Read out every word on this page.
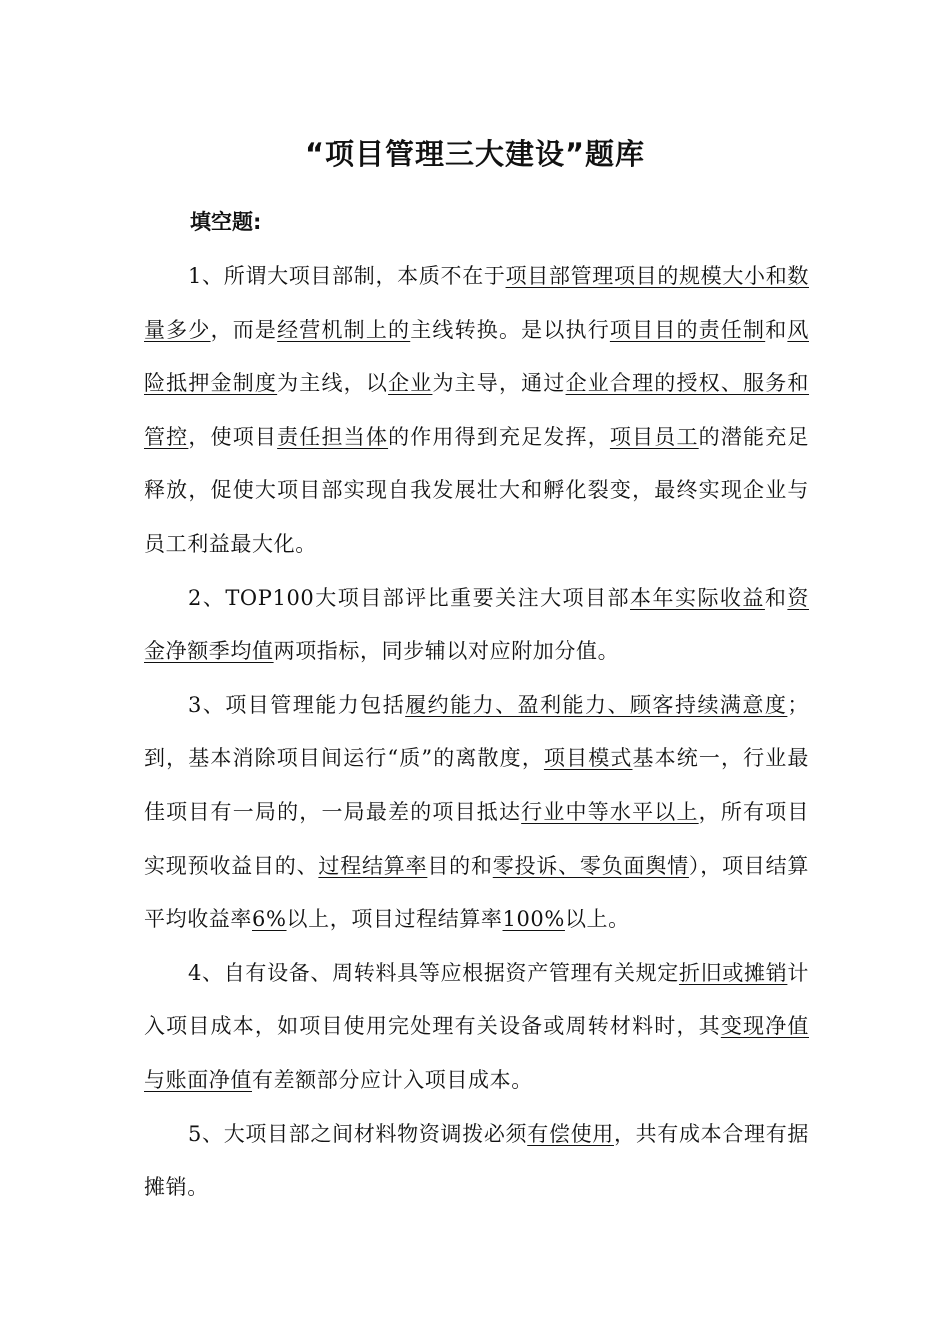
“项目管理三大建设”题库
填空题:

1、所谓大项目部制，本质不在于项目部管理项目的规模大小和数量多少，而是经营机制上的主线转换。是以执行项目目的责任制和风险抵押金制度为主线，以企业为主导，通过企业合理的授权、服务和管控，使项目责任担当体的作用得到充足发挥，项目员工的潜能充足释放，促使大项目部实现自我发展壮大和孵化裂变，最终实现企业与员工利益最大化。

2、TOP100大项目部评比重要关注大项目部本年实际收益和资金净额季均值两项指标，同步辅以对应附加分值。

3、项目管理能力包括履约能力、盈利能力、顾客持续满意度；到，基本消除项目间运行“质”的离散度，项目模式基本统一，行业最佳项目有一局的，一局最差的项目抵达行业中等水平以上，所有项目实现预收益目的、过程结算率目的和零投诉、零负面舆情），项目结算平均收益率6%以上，项目过程结算率100%以上。

4、自有设备、周转料具等应根据资产管理有关规定折旧或摊销计入项目成本，如项目使用完处理有关设备或周转材料时，其变现净值与账面净值有差额部分应计入项目成本。

5、大项目部之间材料物资调拨必须有偿使用，共有成本合理有据摊销。
